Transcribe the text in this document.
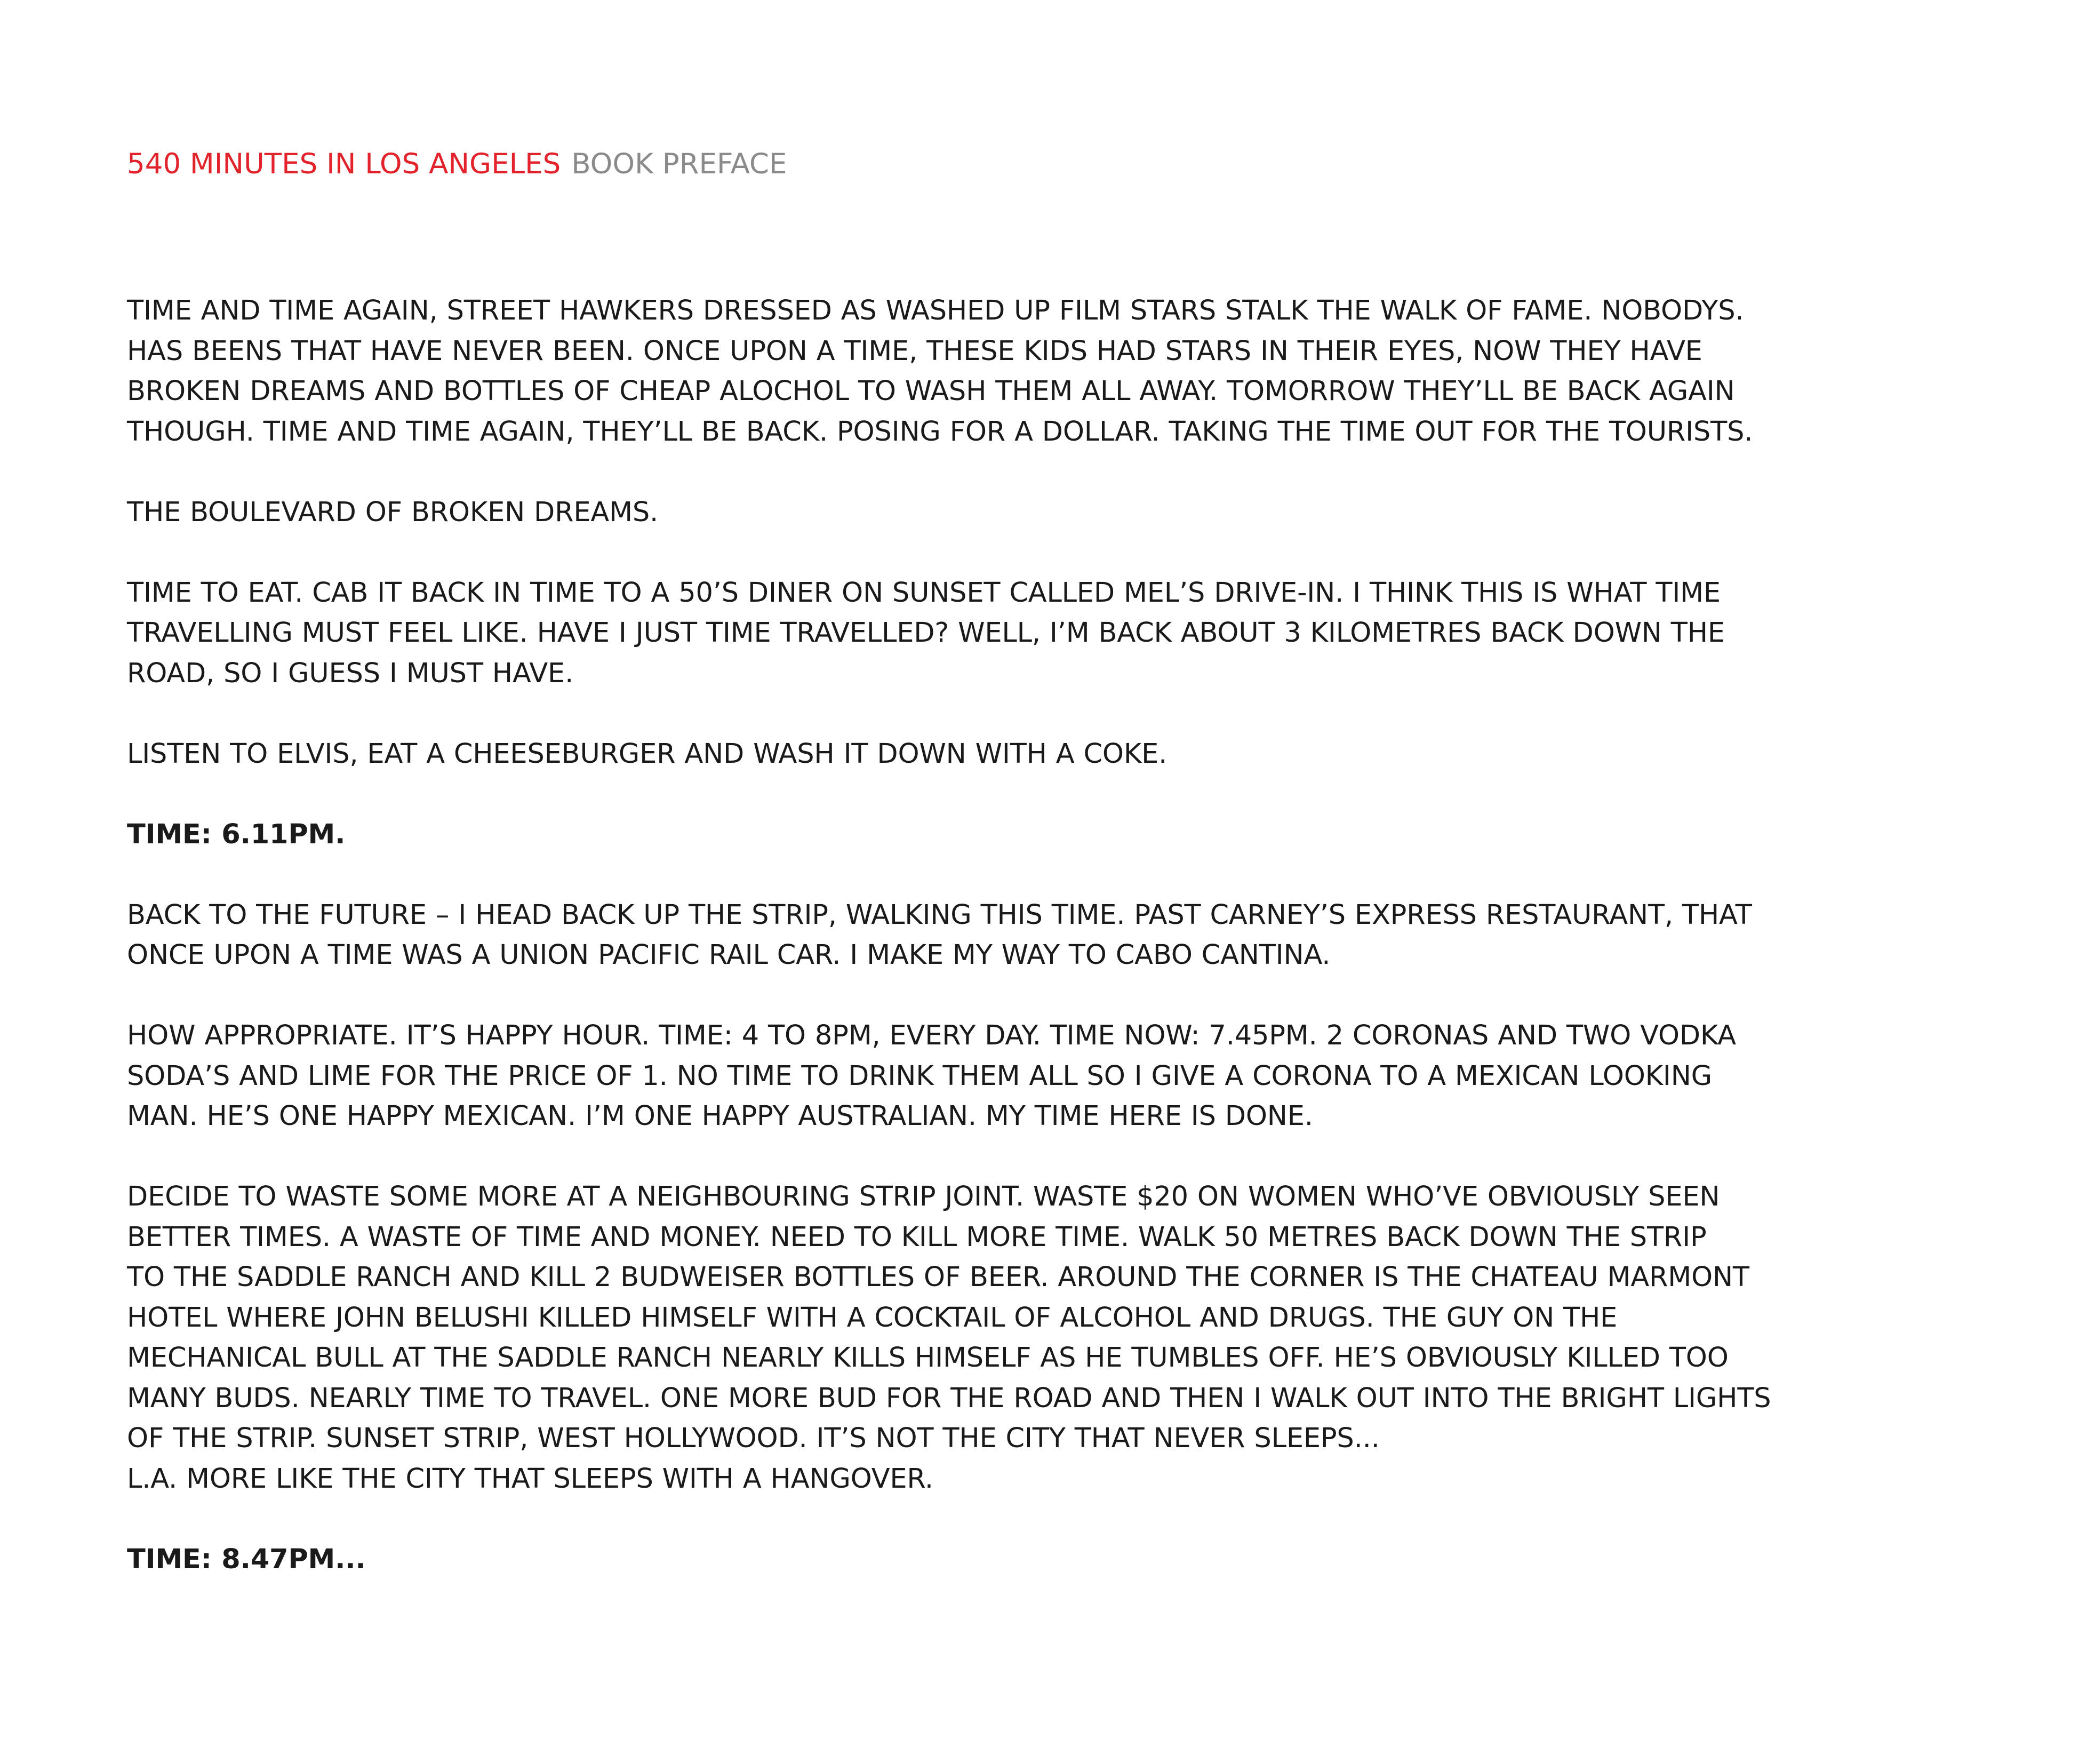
540 MINUTES IN LOS ANGELES BOOK PREFACE

TIME AND TIME AGAIN, STREET HAWKERS DRESSED AS WASHED UP FILM STARS STALK THE WALK OF FAME. NOBODYS.
HAS BEENS THAT HAVE NEVER BEEN. ONCE UPON A TIME, THESE KIDS HAD STARS IN THEIR EYES, NOW THEY HAVE
BROKEN DREAMS AND BOTTLES OF CHEAP ALOCHOL TO WASH THEM ALL AWAY. TOMORROW THEY’LL BE BACK AGAIN
THOUGH. TIME AND TIME AGAIN, THEY’LL BE BACK. POSING FOR A DOLLAR. TAKING THE TIME OUT FOR THE TOURISTS.

THE BOULEVARD OF BROKEN DREAMS.

TIME TO EAT. CAB IT BACK IN TIME TO A 50’S DINER ON SUNSET CALLED MEL’S DRIVE-IN. I THINK THIS IS WHAT TIME
TRAVELLING MUST FEEL LIKE. HAVE I JUST TIME TRAVELLED? WELL, I’M BACK ABOUT 3 KILOMETRES BACK DOWN THE
ROAD, SO I GUESS I MUST HAVE.

LISTEN TO ELVIS, EAT A CHEESEBURGER AND WASH IT DOWN WITH A COKE.

TIME: 6.11PM.

BACK TO THE FUTURE – I HEAD BACK UP THE STRIP, WALKING THIS TIME. PAST CARNEY’S EXPRESS RESTAURANT, THAT
ONCE UPON A TIME WAS A UNION PACIFIC RAIL CAR. I MAKE MY WAY TO CABO CANTINA.

HOW APPROPRIATE. IT’S HAPPY HOUR. TIME: 4 TO 8PM, EVERY DAY. TIME NOW: 7.45PM. 2 CORONAS AND TWO VODKA
SODA’S AND LIME FOR THE PRICE OF 1. NO TIME TO DRINK THEM ALL SO I GIVE A CORONA TO A MEXICAN LOOKING
MAN. HE’S ONE HAPPY MEXICAN. I’M ONE HAPPY AUSTRALIAN. MY TIME HERE IS DONE.

DECIDE TO WASTE SOME MORE AT A NEIGHBOURING STRIP JOINT. WASTE $20 ON WOMEN WHO’VE OBVIOUSLY SEEN
BETTER TIMES. A WASTE OF TIME AND MONEY. NEED TO KILL MORE TIME. WALK 50 METRES BACK DOWN THE STRIP
TO THE SADDLE RANCH AND KILL 2 BUDWEISER BOTTLES OF BEER. AROUND THE CORNER IS THE CHATEAU MARMONT
HOTEL WHERE JOHN BELUSHI KILLED HIMSELF WITH A COCKTAIL OF ALCOHOL AND DRUGS. THE GUY ON THE
MECHANICAL BULL AT THE SADDLE RANCH NEARLY KILLS HIMSELF AS HE TUMBLES OFF. HE’S OBVIOUSLY KILLED TOO
MANY BUDS. NEARLY TIME TO TRAVEL. ONE MORE BUD FOR THE ROAD AND THEN I WALK OUT INTO THE BRIGHT LIGHTS
OF THE STRIP. SUNSET STRIP, WEST HOLLYWOOD. IT’S NOT THE CITY THAT NEVER SLEEPS...
L.A. MORE LIKE THE CITY THAT SLEEPS WITH A HANGOVER.

TIME: 8.47PM...
